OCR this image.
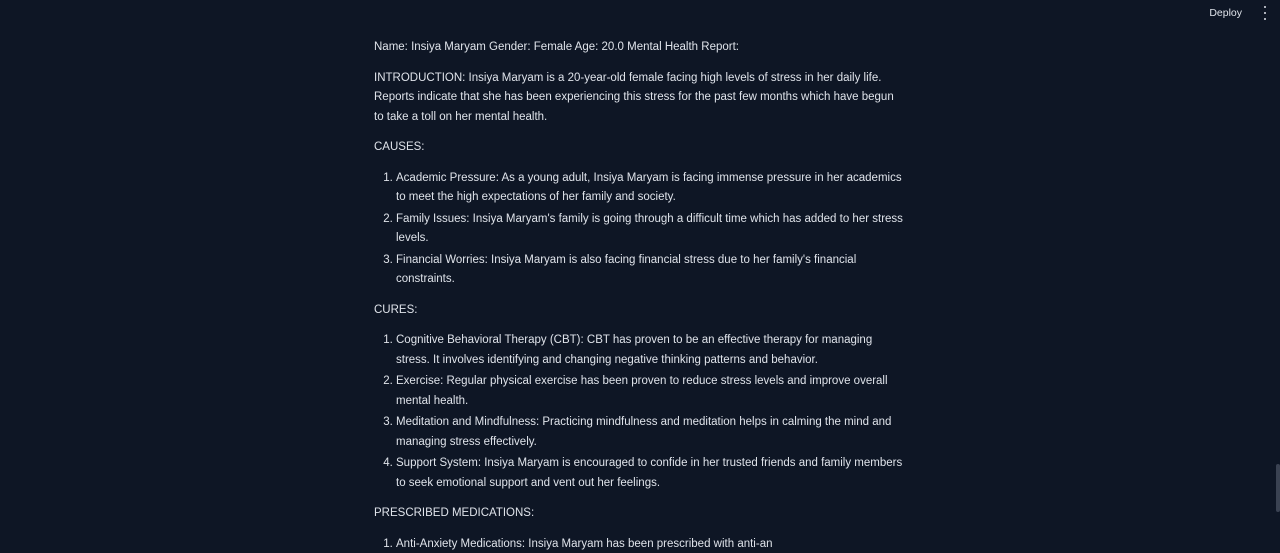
Deploy

Name: Insiya Maryam Gender: Female Age: 20.0 Mental Health Report:

INTRODUCTION: Insiya Maryam is a 20-year-old female facing high levels of stress in her daily life. Reports indicate that she has been experiencing this stress for the past few months which have begun to take a toll on her mental health.

CAUSES:

1. Academic Pressure: As a young adult, Insiya Maryam is facing immense pressure in her academics to meet the high expectations of her family and society.
2. Family Issues: Insiya Maryam's family is going through a difficult time which has added to her stress levels.
3. Financial Worries: Insiya Maryam is also facing financial stress due to her family's financial constraints.

CURES:

1. Cognitive Behavioral Therapy (CBT): CBT has proven to be an effective therapy for managing stress. It involves identifying and changing negative thinking patterns and behavior.
2. Exercise: Regular physical exercise has been proven to reduce stress levels and improve overall mental health.
3. Meditation and Mindfulness: Practicing mindfulness and meditation helps in calming the mind and managing stress effectively.
4. Support System: Insiya Maryam is encouraged to confide in her trusted friends and family members to seek emotional support and vent out her feelings.

PRESCRIBED MEDICATIONS:

1. Anti-Anxiety Medications: Insiya Maryam has been prescribed with anti-an
